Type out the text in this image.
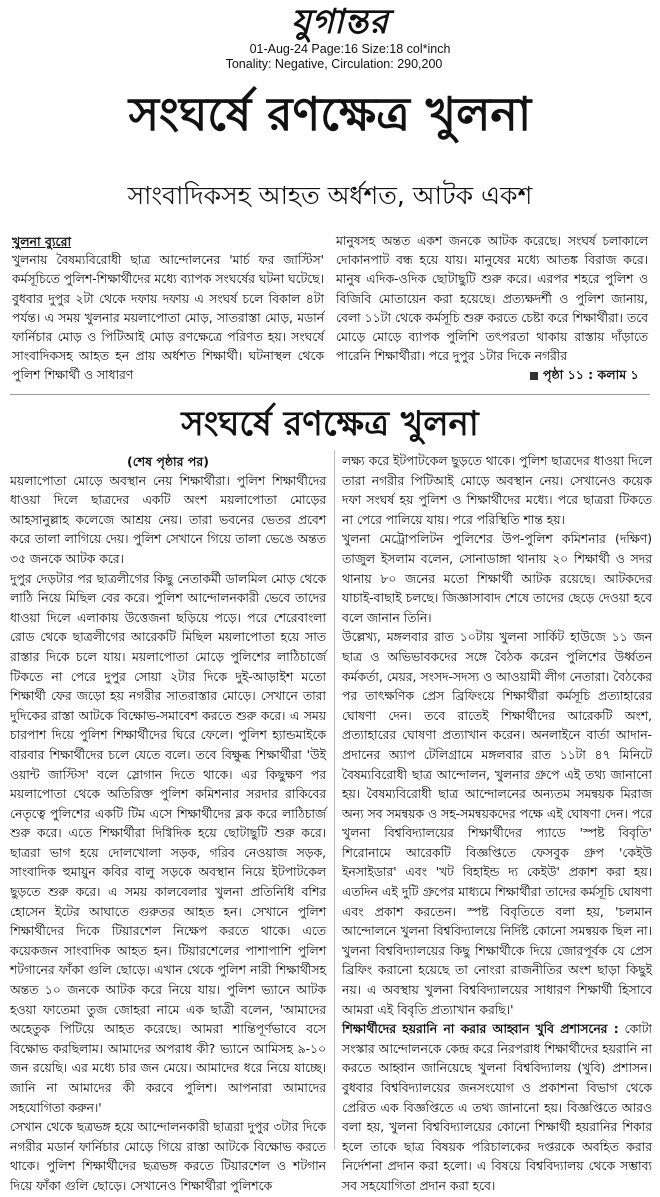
যুগান্তর
01-Aug-24 Page:16 Size:18 col*inch
Tonality: Negative, Circulation: 290,200
সংঘর্ষে রণক্ষেত্র খুলনা
সাংবাদিকসহ আহত অর্ধশত, আটক একশ
খুলনা ব্যুরো

খুলনায় বৈষম্যবিরোধী ছাত্র আন্দোলনের 'মার্চ ফর জাস্টিস' কর্মসূচিতে পুলিশ-শিক্ষার্থীদের মধ্যে ব্যাপক সংঘর্ষের ঘটনা ঘটেছে। বুধবার দুপুর ২টা থেকে দফায় দফায় এ সংঘর্ষ চলে বিকাল ৪টা পর্যন্ত। এ সময় খুলনার ময়লাপোতা মোড়, সাতরাস্তা মোড়, মডার্ন ফার্নিচার মোড় ও পিটিআই মোড় রণক্ষেত্রে পরিণত হয়। সংঘর্ষে সাংবাদিকসহ আহত হন প্রায় অর্ধশত শিক্ষার্থী। ঘটনাস্থল থেকে পুলিশ শিক্ষার্থী ও সাধারণ

মানুষসহ অন্তত একশ জনকে আটক করেছে। সংঘর্ষ চলাকালে দোকানপাট বন্ধ হয়ে যায়। মানুষের মধ্যে আতঙ্ক বিরাজ করে। মানুষ এদিক-ওদিক ছোটাছুটি শুরু করে। এরপর শহরে পুলিশ ও বিজিবি মোতায়েন করা হয়েছে। প্রত্যক্ষদর্শী ও পুলিশ জানায়, বেলা ১১টা থেকে কর্মসূচি শুরু করতে চেষ্টা করে শিক্ষার্থীরা। তবে মোড়ে মোড়ে ব্যাপক পুলিশি তৎপরতা থাকায় রাস্তায় দাঁড়াতে পারেনি শিক্ষার্থীরা। পরে দুপুর ১টার দিকে নগরীর

পৃষ্ঠা ১১ : কলাম ১
সংঘর্ষে রণক্ষেত্র খুলনা
(শেষ পৃষ্ঠার পর)

ময়লাপোতা মোড়ে অবস্থান নেয় শিক্ষার্থীরা। পুলিশ শিক্ষার্থীদের ধাওয়া দিলে ছাত্রদের একটি অংশ ময়লাপোতা মোড়ের আহসানুল্লাহ কলেজে আশ্রয় নেয়। তারা ভবনের ভেতর প্রবেশ করে তালা লাগিয়ে দেয়। পুলিশ সেখানে গিয়ে তালা ভেঙে অন্তত ৩৫ জনকে আটক করে।

দুপুর দেড়টার পর ছাত্রলীগের কিছু নেতাকর্মী ডালমিল মোড় থেকে লাঠি নিয়ে মিছিল বের করে। পুলিশ আন্দোলনকারী ভেবে তাদের ধাওয়া দিলে এলাকায় উত্তেজনা ছড়িয়ে পড়ে। পরে শেরেবাংলা রোড থেকে ছাত্রলীগের আরেকটি মিছিল ময়লাপোতা হয়ে সাত রাস্তার দিকে চলে যায়। ময়লাপোতা মোড়ে পুলিশের লাঠিচার্জে টিকতে না পেরে দুপুর সোয়া ২টার দিকে দুই-আড়াইশ মতো শিক্ষার্থী ফের জড়ো হয় নগরীর সাতরাস্তার মোড়ে। সেখানে তারা দুদিকের রাস্তা আটকে বিক্ষোভ-সমাবেশ করতে শুরু করে। এ সময় চারপাশ দিয়ে পুলিশ শিক্ষার্থীদের ঘিরে ফেলে। পুলিশ হ্যান্ডমাইকে বারবার শিক্ষার্থীদের চলে যেতে বলে। তবে বিক্ষুব্ধ শিক্ষার্থীরা 'উই ওয়ান্ট জাস্টিস' বলে স্লোগান দিতে থাকে। এর কিছুক্ষণ পর ময়লাপোতা থেকে অতিরিক্ত পুলিশ কমিশনার সরদার রাকিবের নেতৃত্বে পুলিশের একটি টিম এসে শিক্ষার্থীদের ব্লক করে লাঠিচার্জ শুরু করে। এতে শিক্ষার্থীরা দিগ্বিদিক হয়ে ছোটাছুটি শুরু করে। ছাত্ররা ভাগ হয়ে দোলখোলা সড়ক, গরিব নেওয়াজ সড়ক, সাংবাদিক হুমায়ুন কবির বালু সড়কে অবস্থান নিয়ে ইটপাটকেল ছুড়তে শুরু করে। এ সময় কালবেলার খুলনা প্রতিনিধি বশির হোসেন ইটের আঘাতে গুরুতর আহত হন। সেখানে পুলিশ শিক্ষার্থীদের দিকে টিয়ারশেল নিক্ষেপ করতে থাকে। এতে কয়েকজন সাংবাদিক আহত হন। টিয়ারশেলের পাশাপাশি পুলিশ শটগানের ফাঁকা গুলি ছোড়ে। এখান থেকে পুলিশ নারী শিক্ষার্থীসহ অন্তত ১০ জনকে আটক করে নিয়ে যায়। পুলিশ ভ্যানে আটক হওয়া ফাতেমা তুজ জোহরা নামে এক ছাত্রী বলেন, 'আমাদের অহেতুক পিটিয়ে আহত করেছে। আমরা শান্তিপূর্ণভাবে বসে বিক্ষোভ করছিলাম। আমাদের অপরাধ কী? ভ্যানে আমিসহ ৯-১০ জন রয়েছি। এর মধ্যে চার জন মেয়ে। আমাদের ধরে নিয়ে যাচ্ছে। জানি না আমাদের কী করবে পুলিশ। আপনারা আমাদের সহযোগিতা করুন।'

সেখান থেকে ছত্রভঙ্গ হয়ে আন্দোলনকারী ছাত্ররা দুপুর ৩টার দিকে নগরীর মডার্ন ফার্নিচার মোড়ে গিয়ে রাস্তা আটকে বিক্ষোভ করতে থাকে। পুলিশ শিক্ষার্থীদের ছত্রভঙ্গ করতে টিয়ারশেল ও শটগান দিয়ে ফাঁকা গুলি ছোড়ে। সেখানেও শিক্ষার্থীরা পুলিশকে

লক্ষ্য করে ইটপাটকেল ছুড়তে থাকে। পুলিশ ছাত্রদের ধাওয়া দিলে তারা নগরীর পিটিআই মোড়ে অবস্থান নেয়। সেখানেও কয়েক দফা সংঘর্ষ হয় পুলিশ ও শিক্ষার্থীদের মধ্যে। পরে ছাত্ররা টিকতে না পেরে পালিয়ে যায়। পরে পরিস্থিতি শান্ত হয়।

খুলনা মেট্রোপলিটন পুলিশের উপ-পুলিশ কমিশনার (দক্ষিণ) তাজুল ইসলাম বলেন, সোনাডাঙ্গা থানায় ২০ শিক্ষার্থী ও সদর থানায় ৮০ জনের মতো শিক্ষার্থী আটক রয়েছে। আটকদের যাচাই-বাছাই চলছে। জিজ্ঞাসাবাদ শেষে তাদের ছেড়ে দেওয়া হবে বলে জানান তিনি।

উল্লেখ্য, মঙ্গলবার রাত ১০টায় খুলনা সার্কিট হাউজে ১১ জন ছাত্র ও অভিভাবকদের সঙ্গে বৈঠক করেন পুলিশের উর্ধ্বতন কর্মকর্তা, মেয়র, সংসদ-সদস্য ও আওয়ামী লীগ নেতারা। বৈঠকের পর তাৎক্ষণিক প্রেস ব্রিফিংয়ে শিক্ষার্থীরা কর্মসূচি প্রত্যাহারের ঘোষণা দেন। তবে রাতেই শিক্ষার্থীদের আরেকটি অংশ, প্রত্যাহারের ঘোষণা প্রত্যাখান করেন। অনলাইনে বার্তা আদান-প্রদানের অ্যাপ টেলিগ্রামে মঙ্গলবার রাত ১১টা ৪৭ মিনিটে বৈষম্যবিরোধী ছাত্র আন্দোলন, খুলনার গ্রুপে এই তথ্য জানানো হয়। বৈষম্যবিরোধী ছাত্র আন্দোলনের অন্যতম সমন্বয়ক মিরাজ অন্য সব সমন্বয়ক ও সহ-সমন্বয়কদের পক্ষে এই ঘোষণা দেন। পরে খুলনা বিশ্ববিদ্যালয়ের শিক্ষার্থীদের প্যাডে 'স্পষ্ট বিবৃতি' শিরোনামে আরেকটি বিজ্ঞপ্তিতে ফেসবুক গ্রুপ 'কেইউ ইনসাইডার' এবং 'খট বিহাইন্ড দ্য কেইউ' প্রকাশ করা হয়। এতদিন এই দুটি গ্রুপের মাধ্যমে শিক্ষার্থীরা তাদের কর্মসূচি ঘোষণা এবং প্রকাশ করতেন। স্পষ্ট বিবৃতিতে বলা হয়, 'চলমান আন্দোলনে খুলনা বিশ্ববিদ্যালয়ে নির্দিষ্ট কোনো সমন্বয়ক ছিল না। খুলনা বিশ্ববিদ্যালয়ের কিছু শিক্ষার্থীকে দিয়ে জোরপূর্বক যে প্রেস ব্রিফিং করানো হয়েছে তা নোংরা রাজনীতির অংশ ছাড়া কিছুই নয়। এ অবস্থায় খুলনা বিশ্ববিদ্যালয়ের সাধারণ শিক্ষার্থী হিসাবে আমরা এই বিবৃতি প্রত্যাখান করছি।'

শিক্ষার্থীদের হয়রানি না করার আহ্বান খুবি প্রশাসনের : কোটা সংস্কার আন্দোলনকে কেন্দ্র করে নিরপরাধ শিক্ষার্থীদের হয়রানি না করতে আহ্বান জানিয়েছে খুলনা বিশ্ববিদ্যালয় (খুবি) প্রশাসন। বুধবার বিশ্ববিদ্যালয়ের জনসংযোগ ও প্রকাশনা বিভাগ থেকে প্রেরিত এক বিজ্ঞপ্তিতে এ তথ্য জানানো হয়। বিজ্ঞপ্তিতে আরও বলা হয়, খুলনা বিশ্ববিদ্যালয়ের কোনো শিক্ষার্থী হয়রানির শিকার হলে তাকে ছাত্র বিষয়ক পরিচালকের দপ্তরকে অবহিত করার নির্দেশনা প্রদান করা হলো। এ বিষয়ে বিশ্ববিদ্যালয় থেকে সম্ভাব্য সব সহযোগিতা প্রদান করা হবে।
